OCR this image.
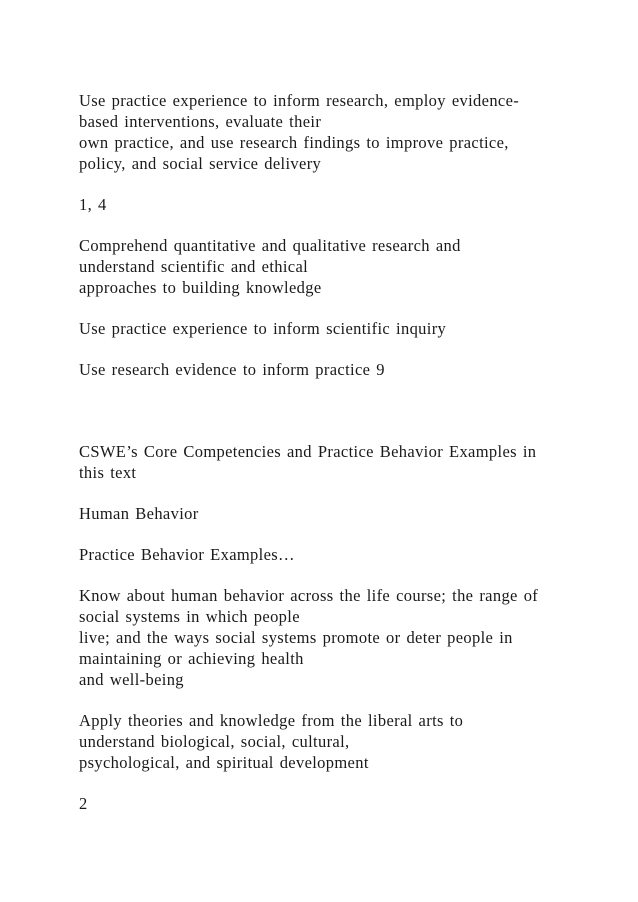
Use practice experience to inform research, employ evidence-
based interventions, evaluate their
own practice, and use research findings to improve practice,
policy, and social service delivery

1, 4

Comprehend quantitative and qualitative research and
understand scientific and ethical
approaches to building knowledge

Use practice experience to inform scientific inquiry

Use research evidence to inform practice 9

CSWE’s Core Competencies and Practice Behavior Examples in
this text

Human Behavior

Practice Behavior Examples…

Know about human behavior across the life course; the range of
social systems in which people
live; and the ways social systems promote or deter people in
maintaining or achieving health
and well-being

Apply theories and knowledge from the liberal arts to
understand biological, social, cultural,
psychological, and spiritual development

2
